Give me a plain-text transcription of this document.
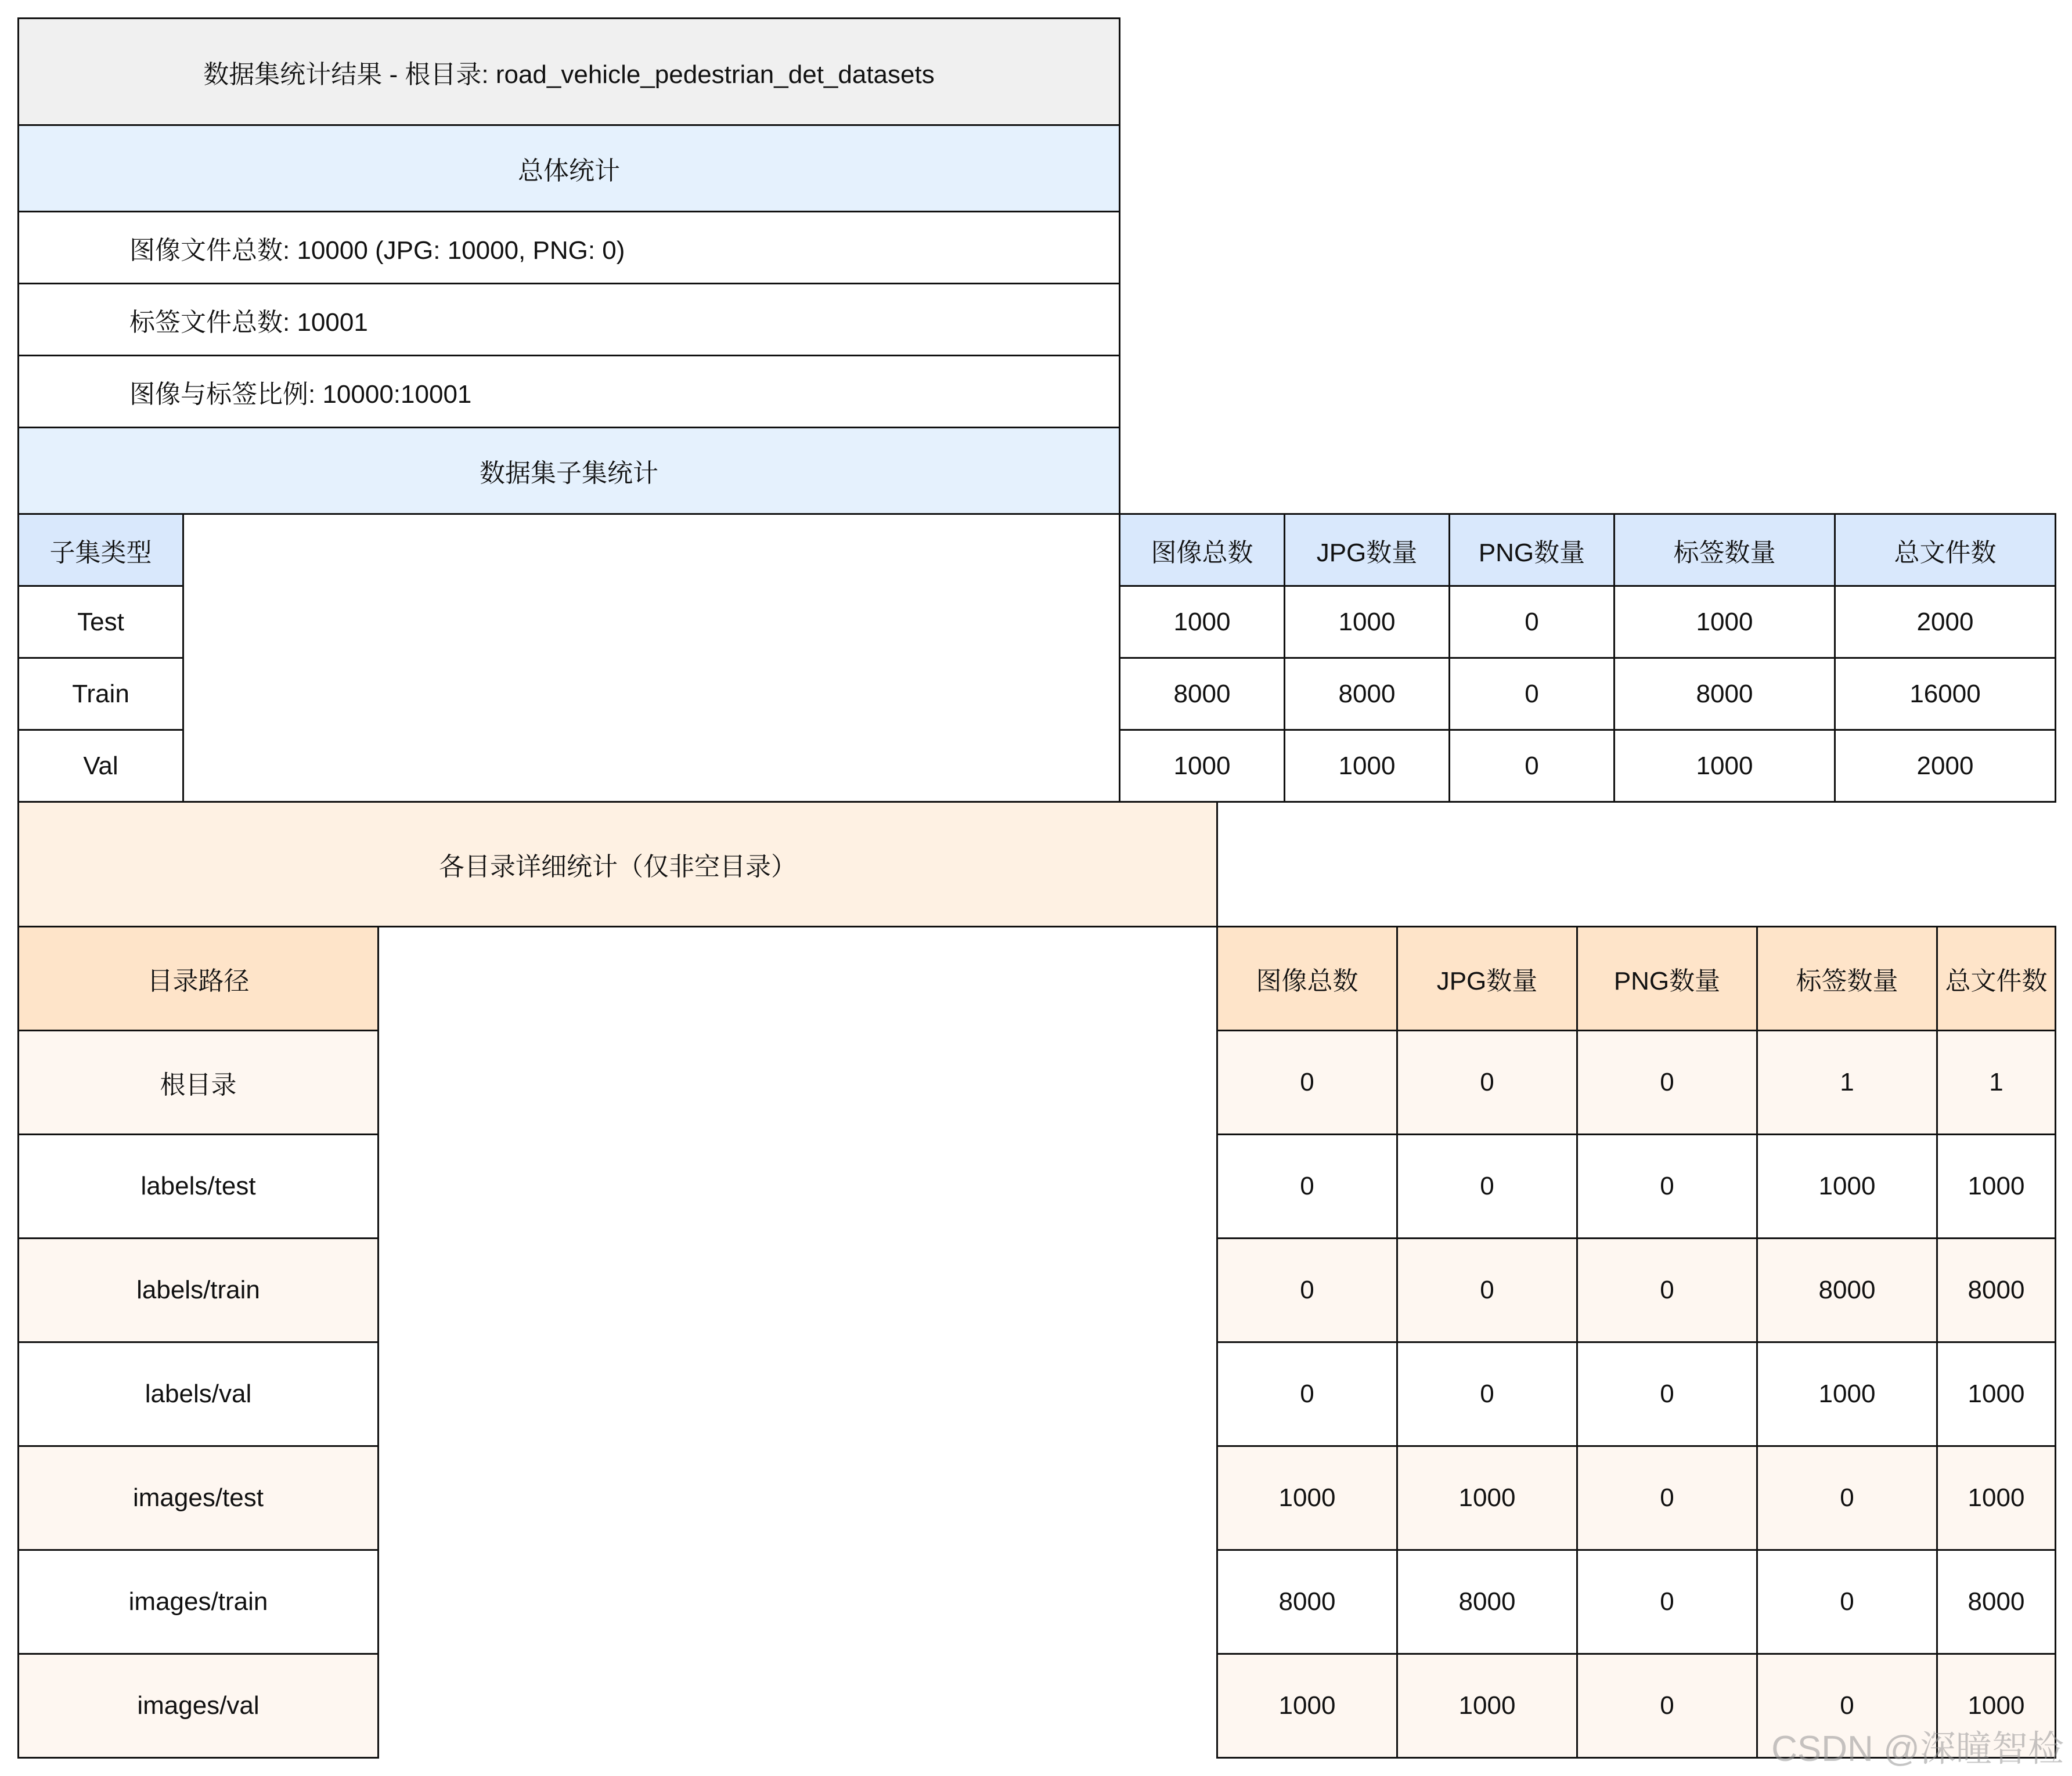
数据集统计结果 - 根目录: road_vehicle_pedestrian_det_datasets
总体统计
图像文件总数: 10000 (JPG: 10000, PNG: 0)
标签文件总数: 10001
图像与标签比例: 10000:10001
数据集子集统计
子集类型	图像总数	JPG数量	PNG数量	标签数量	总文件数
Test	1000	1000	0	1000	2000
Train	8000	8000	0	8000	16000
Val	1000	1000	0	1000	2000
各目录详细统计（仅非空目录）
目录路径	图像总数	JPG数量	PNG数量	标签数量	总文件数
根目录	0	0	0	1	1
labels/test	0	0	0	1000	1000
labels/train	0	0	0	8000	8000
labels/val	0	0	0	1000	1000
images/test	1000	1000	0	0	1000
images/train	8000	8000	0	0	8000
images/val	1000	1000	0	0	1000
CSDN @深瞳智检
